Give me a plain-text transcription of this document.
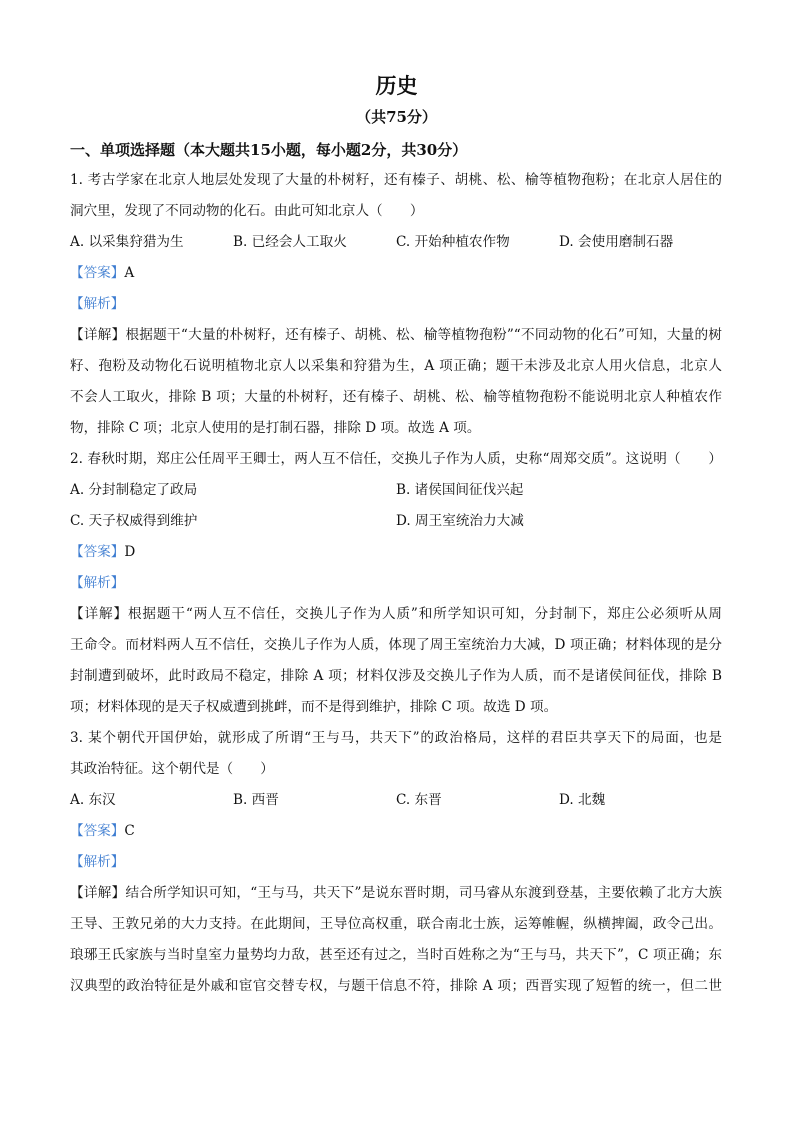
历史
（共75分）
一、单项选择题（本大题共15小题，每小题2分，共30分）
1. 考古学家在北京人地层处发现了大量的朴树籽，还有榛子、胡桃、松、榆等植物孢粉；在北京人居住的
洞穴里，发现了不同动物的化石。由此可知北京人（　　）
A. 以采集狩猎为生	B. 已经会人工取火	C. 开始种植农作物	D. 会使用磨制石器
【答案】A
【解析】
【详解】根据题干“大量的朴树籽，还有榛子、胡桃、松、榆等植物孢粉”“不同动物的化石”可知，大量的树
籽、孢粉及动物化石说明植物北京人以采集和狩猎为生，A 项正确；题干未涉及北京人用火信息，北京人
不会人工取火，排除 B 项；大量的朴树籽，还有榛子、胡桃、松、榆等植物孢粉不能说明北京人种植农作
物，排除 C 项；北京人使用的是打制石器，排除 D 项。故选 A 项。
2. 春秋时期，郑庄公任周平王卿士，两人互不信任，交换儿子作为人质，史称“周郑交质”。这说明（　　）
A. 分封制稳定了政局	B. 诸侯国间征伐兴起
C. 天子权威得到维护	D. 周王室统治力大减
【答案】D
【解析】
【详解】根据题干“两人互不信任，交换儿子作为人质”和所学知识可知，分封制下，郑庄公必须听从周
王命令。而材料两人互不信任，交换儿子作为人质，体现了周王室统治力大减，D 项正确；材料体现的是分
封制遭到破坏，此时政局不稳定，排除 A 项；材料仅涉及交换儿子作为人质，而不是诸侯间征伐，排除 B
项；材料体现的是天子权威遭到挑衅，而不是得到维护，排除 C 项。故选 D 项。
3. 某个朝代开国伊始，就形成了所谓“王与马，共天下”的政治格局，这样的君臣共享天下的局面，也是
其政治特征。这个朝代是（　　）
A. 东汉	B. 西晋	C. 东晋	D. 北魏
【答案】C
【解析】
【详解】结合所学知识可知，“王与马，共天下”是说东晋时期，司马睿从东渡到登基，主要依赖了北方大族
王导、王敦兄弟的大力支持。在此期间，王导位高权重，联合南北士族，运筹帷幄，纵横捭阖，政令己出。
琅琊王氏家族与当时皇室力量势均力敌，甚至还有过之，当时百姓称之为“王与马，共天下”，C 项正确；东
汉典型的政治特征是外戚和宦官交替专权，与题干信息不符，排除 A 项；西晋实现了短暂的统一，但二世
